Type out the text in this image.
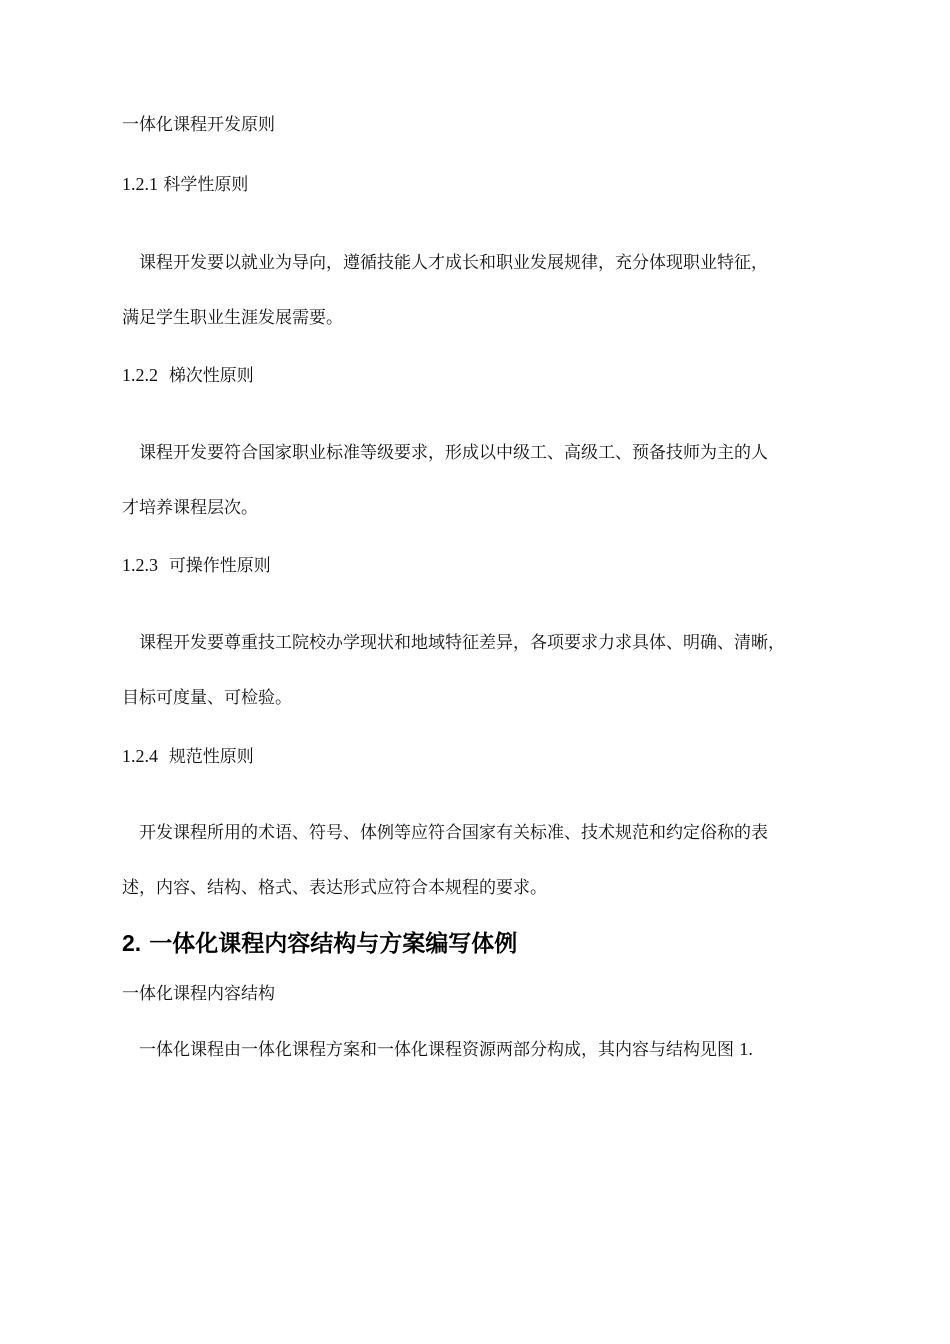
一体化课程开发原则
1.2.1 科学性原则
课程开发要以就业为导向，遵循技能人才成长和职业发展规律，充分体现职业特征，
满足学生职业生涯发展需要。
1.2.2 梯次性原则
课程开发要符合国家职业标准等级要求，形成以中级工、高级工、预备技师为主的人
才培养课程层次。
1.2.3 可操作性原则
课程开发要尊重技工院校办学现状和地域特征差异，各项要求力求具体、明确、清晰，
目标可度量、可检验。
1.2.4 规范性原则
开发课程所用的术语、符号、体例等应符合国家有关标准、技术规范和约定俗称的表
述，内容、结构、格式、表达形式应符合本规程的要求。
2. 一体化课程内容结构与方案编写体例
一体化课程内容结构
一体化课程由一体化课程方案和一体化课程资源两部分构成，其内容与结构见图 1.
